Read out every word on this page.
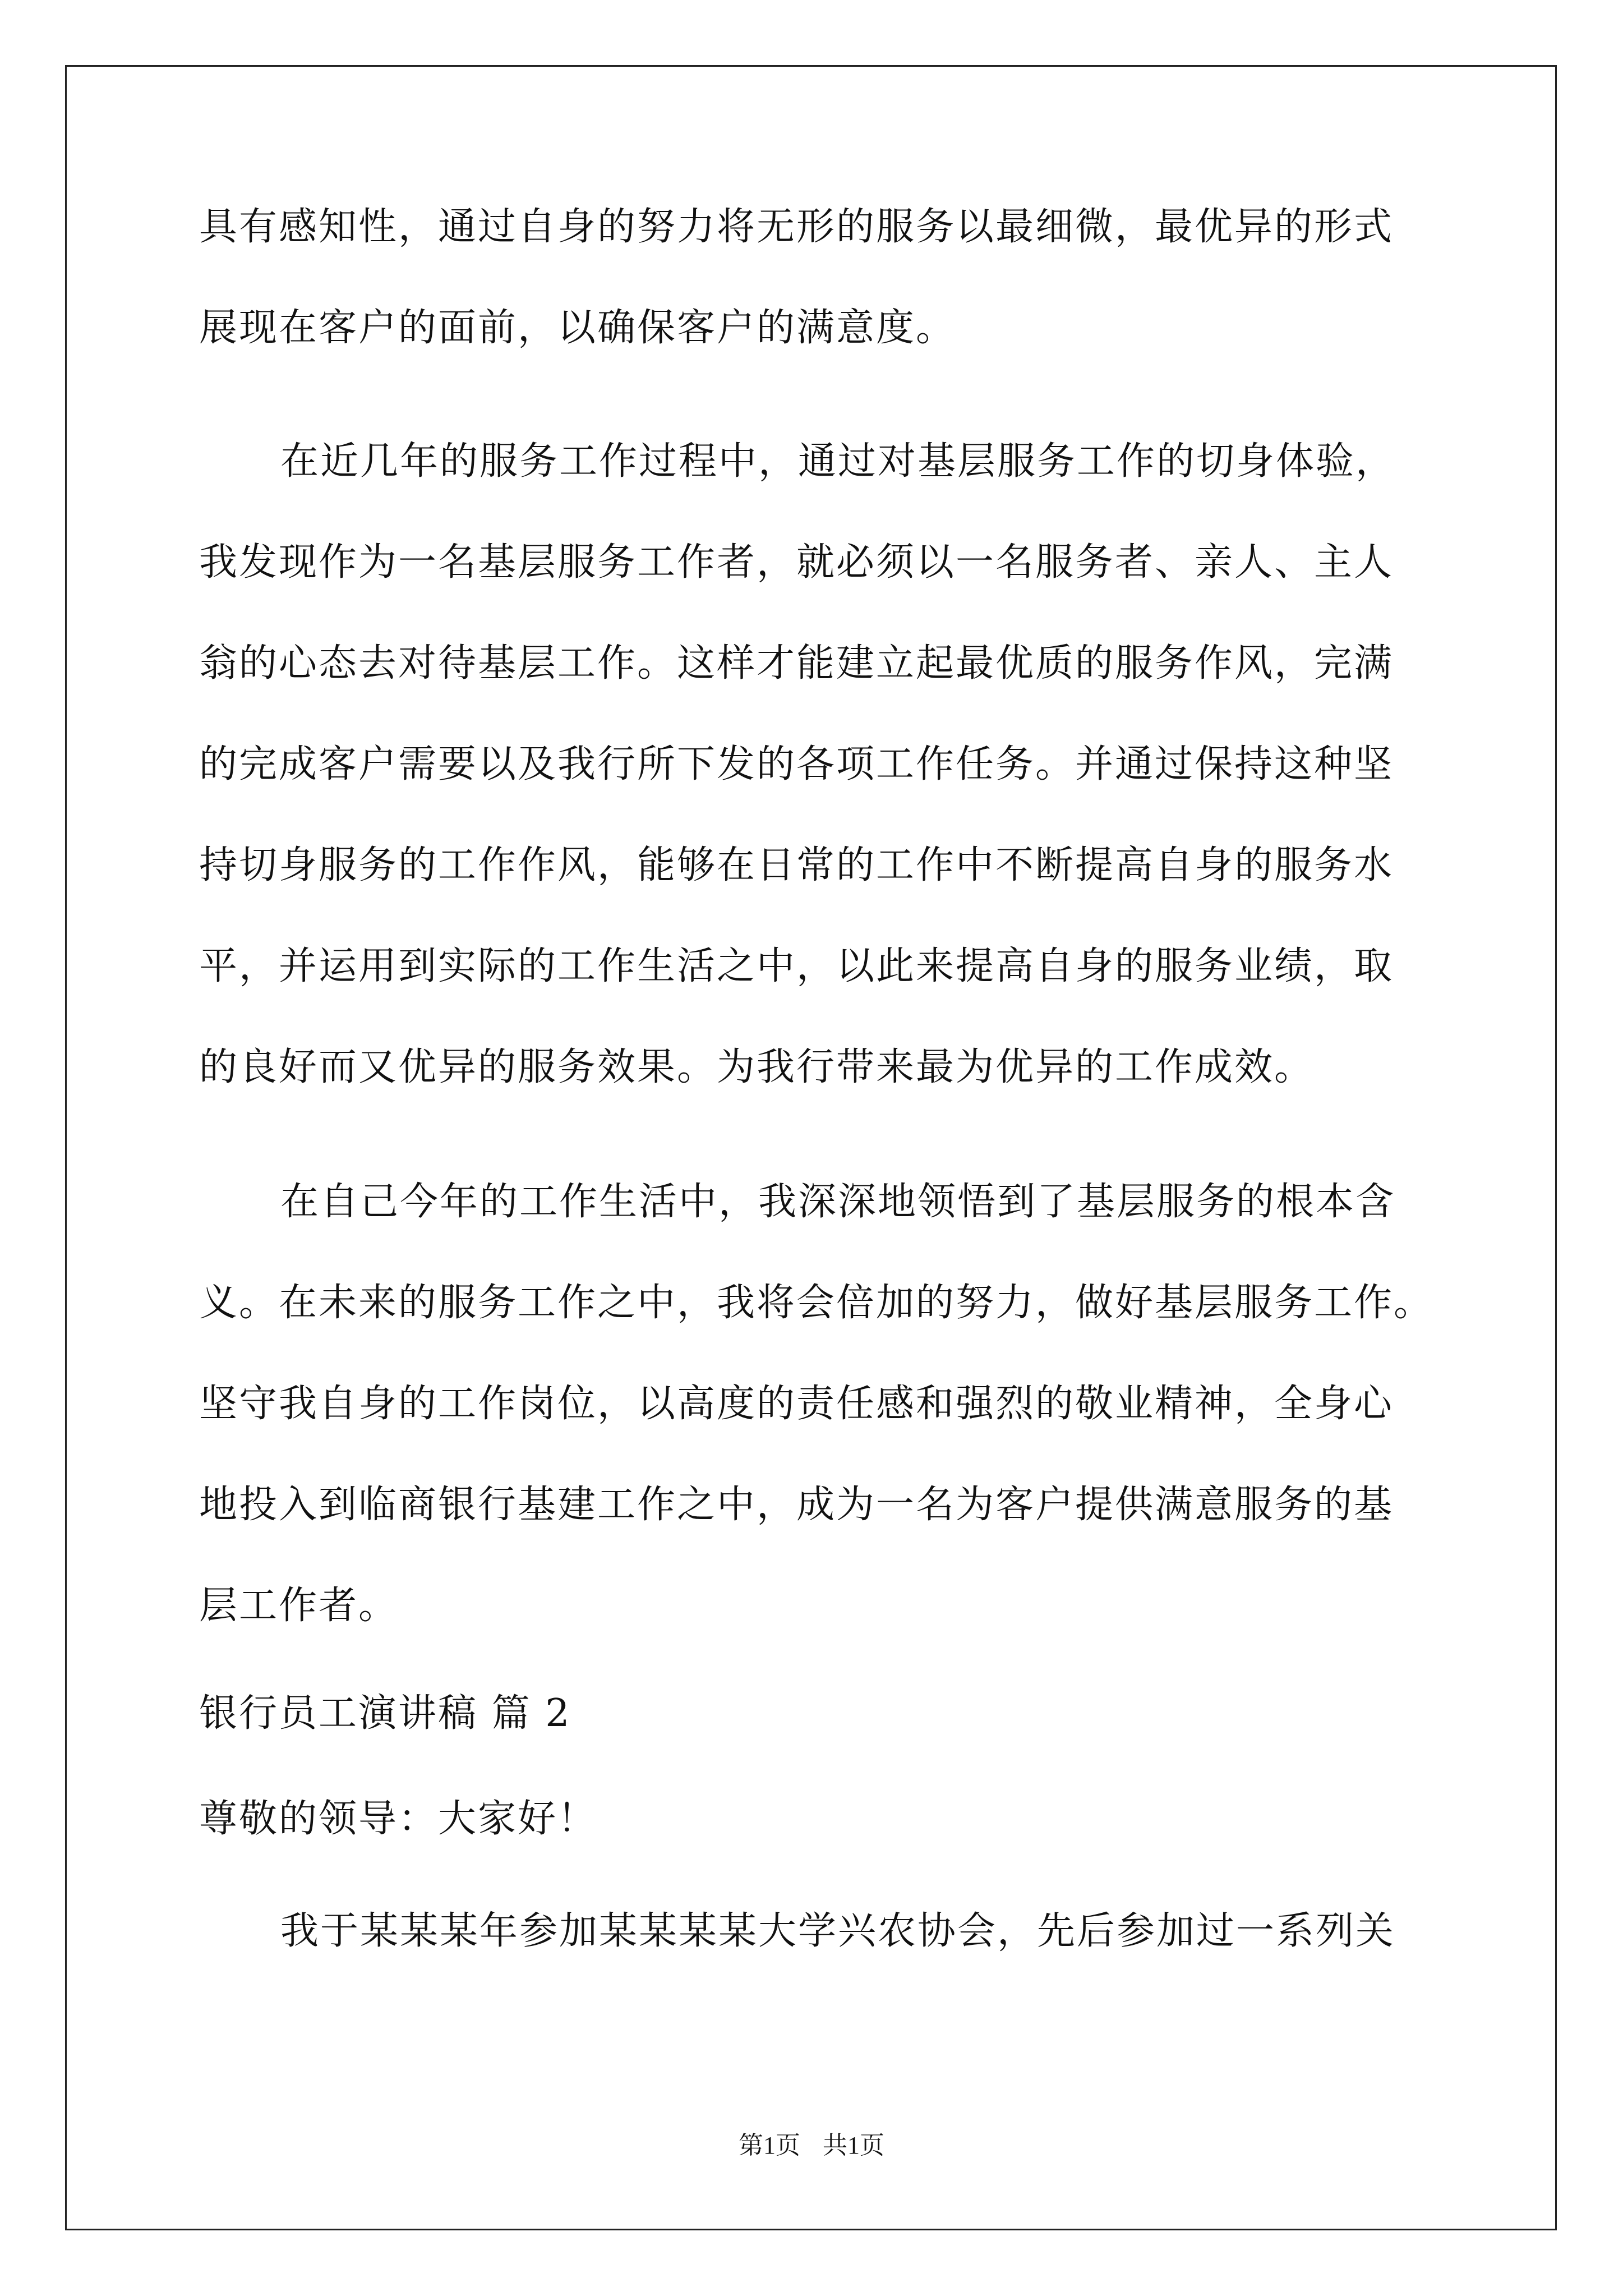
具有感知性，通过自身的努力将无形的服务以最细微，最优异的形式
展现在客户的面前，以确保客户的满意度。
在近几年的服务工作过程中，通过对基层服务工作的切身体验，
我发现作为一名基层服务工作者，就必须以一名服务者、亲人、主人
翁的心态去对待基层工作。这样才能建立起最优质的服务作风，完满
的完成客户需要以及我行所下发的各项工作任务。并通过保持这种坚
持切身服务的工作作风，能够在日常的工作中不断提高自身的服务水
平，并运用到实际的工作生活之中，以此来提高自身的服务业绩，取
的良好而又优异的服务效果。为我行带来最为优异的工作成效。
在自己今年的工作生活中，我深深地领悟到了基层服务的根本含
义。在未来的服务工作之中，我将会倍加的努力，做好基层服务工作。
坚守我自身的工作岗位，以高度的责任感和强烈的敬业精神，全身心
地投入到临商银行基建工作之中，成为一名为客户提供满意服务的基
层工作者。
银行员工演讲稿 篇 2
尊敬的领导：大家好！
我于某某某年参加某某某某大学兴农协会，先后参加过一系列关
第1页 共1页
